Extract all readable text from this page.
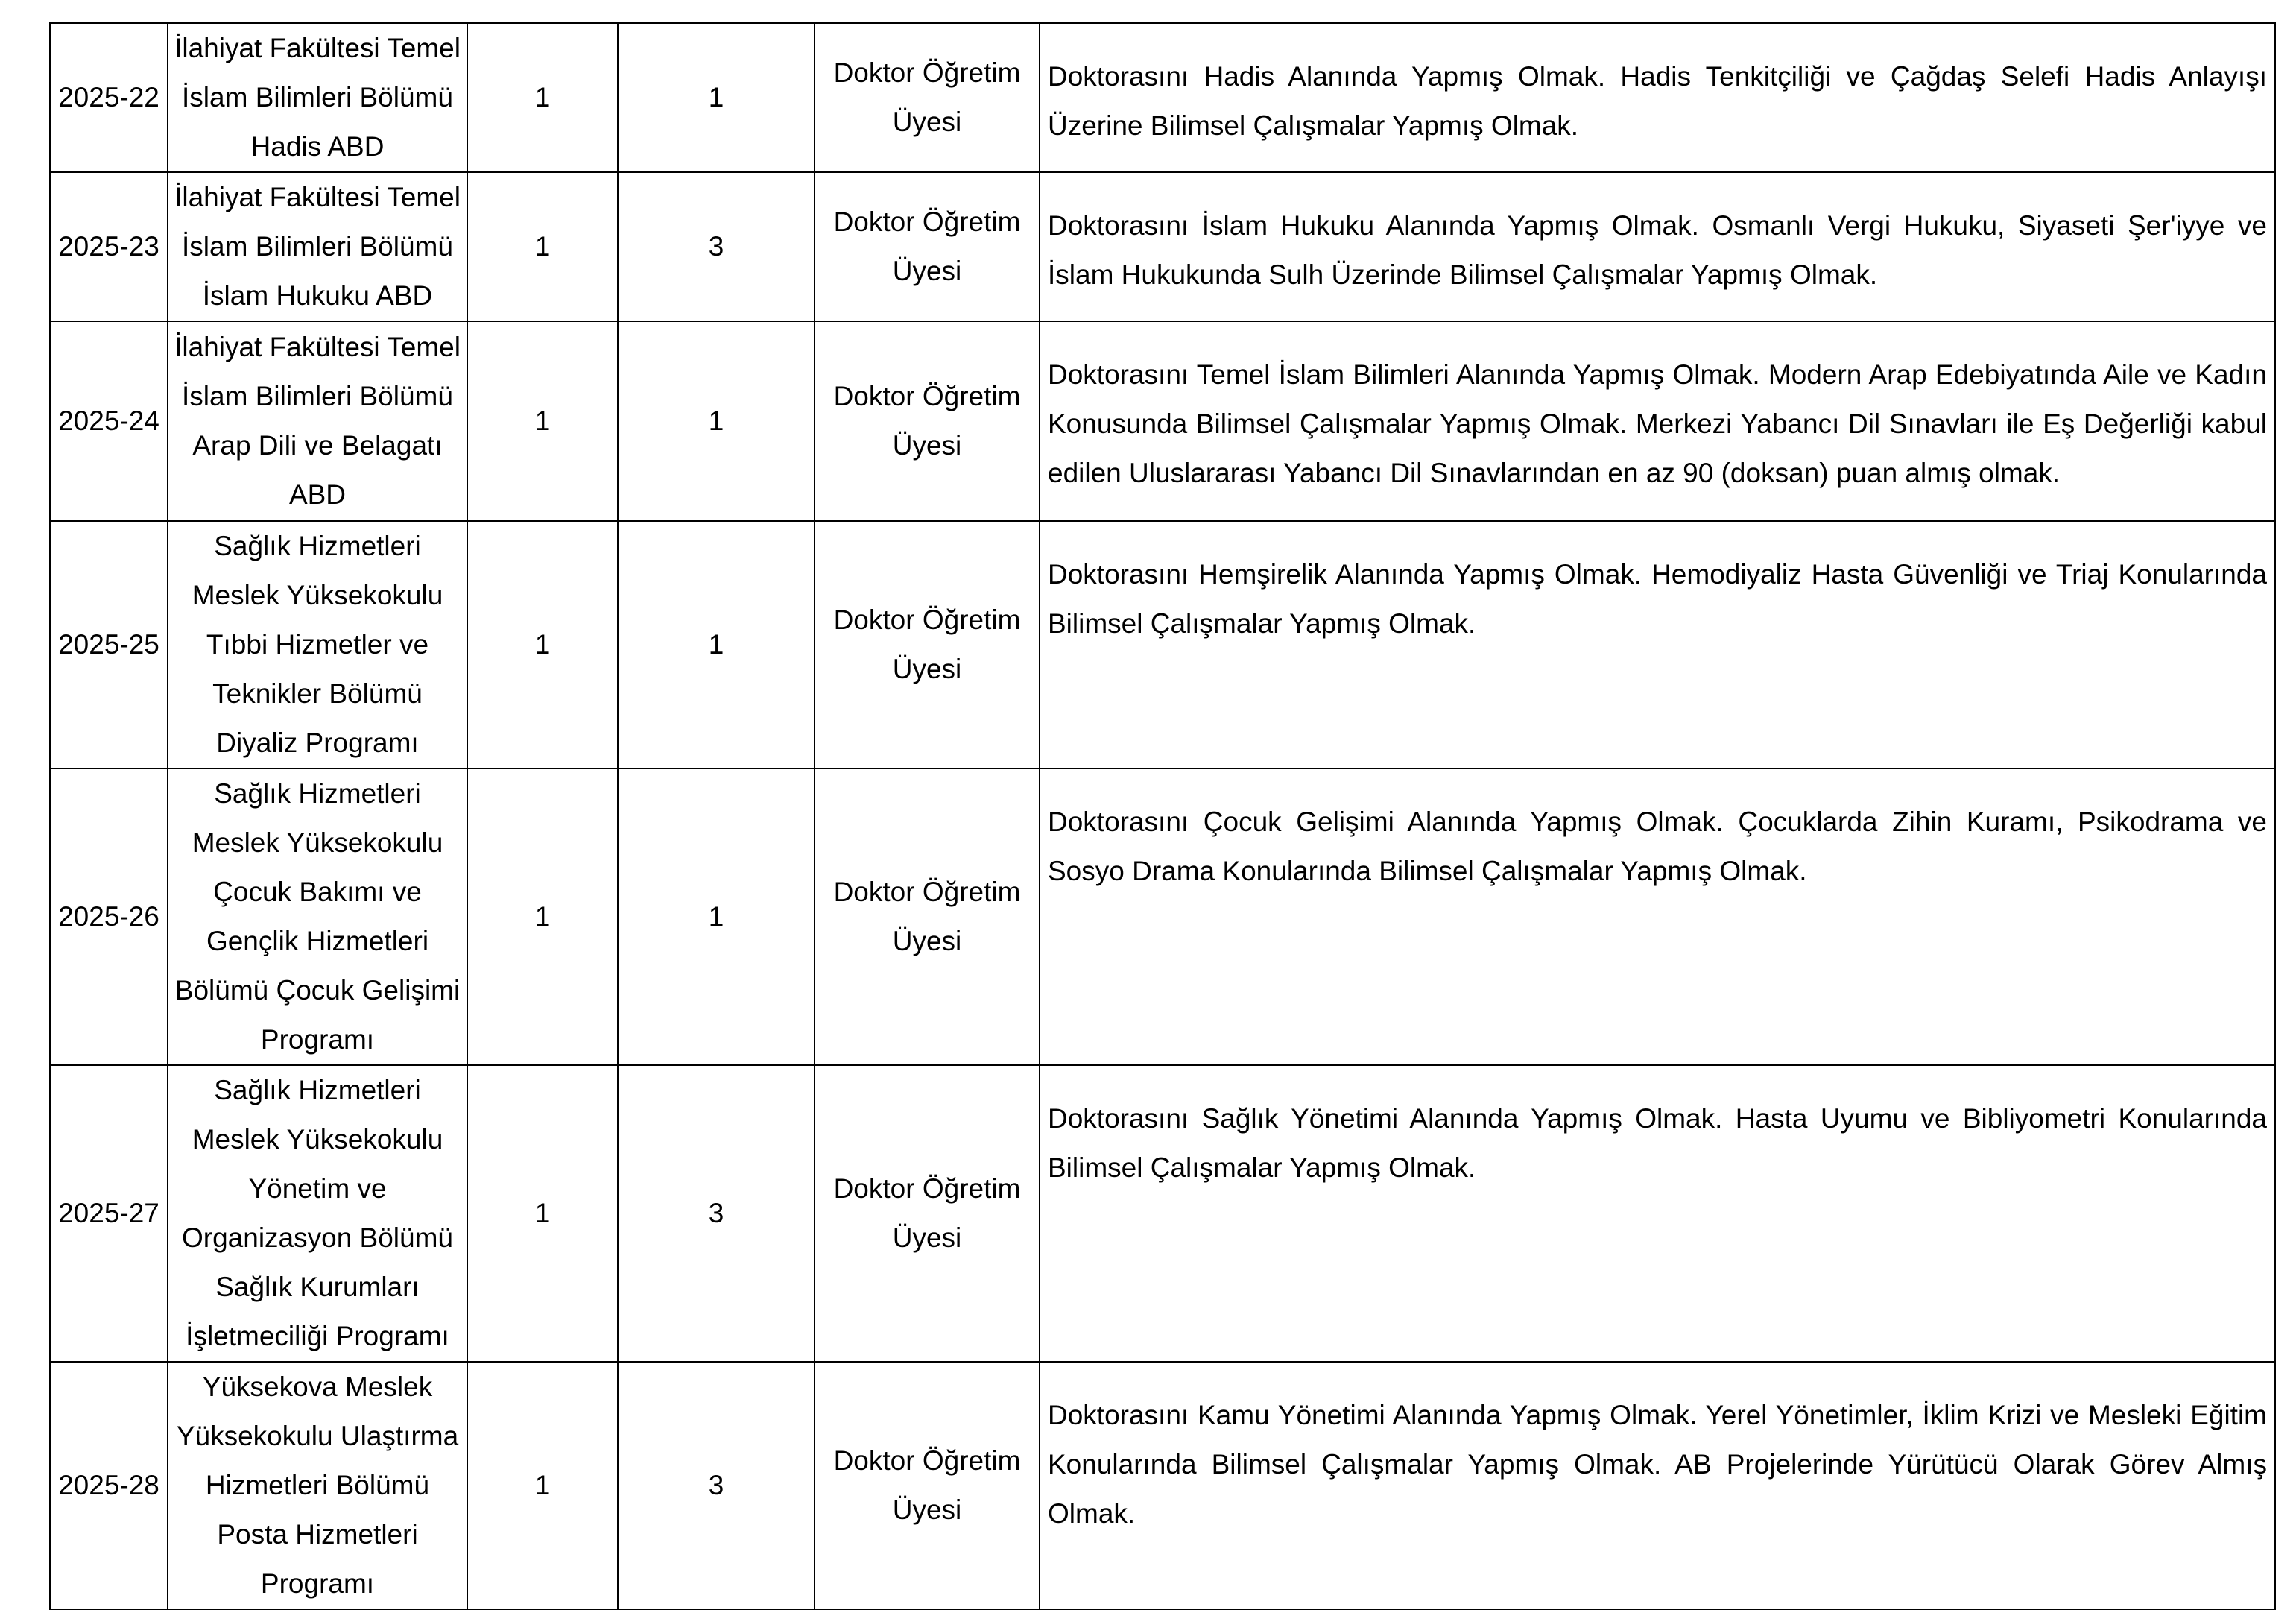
2025-22	İlahiyat Fakültesi Temel İslam Bilimleri Bölümü Hadis ABD	1	1	Doktor Öğretim Üyesi	Doktorasını Hadis Alanında Yapmış Olmak. Hadis Tenkitçiliği ve Çağdaş Selefi Hadis Anlayışı Üzerine Bilimsel Çalışmalar Yapmış Olmak.

2025-23	İlahiyat Fakültesi Temel İslam Bilimleri Bölümü İslam Hukuku ABD	1	3	Doktor Öğretim Üyesi	Doktorasını İslam Hukuku Alanında Yapmış Olmak. Osmanlı Vergi Hukuku, Siyaseti Şer'iyye ve İslam Hukukunda Sulh Üzerinde Bilimsel Çalışmalar Yapmış Olmak.

2025-24	İlahiyat Fakültesi Temel İslam Bilimleri Bölümü Arap Dili ve Belagatı ABD	1	1	Doktor Öğretim Üyesi	Doktorasını Temel İslam Bilimleri Alanında Yapmış Olmak. Modern Arap Edebiyatında Aile ve Kadın Konusunda Bilimsel Çalışmalar Yapmış Olmak. Merkezi Yabancı Dil Sınavları ile Eş Değerliği kabul edilen Uluslararası Yabancı Dil Sınavlarından en az 90 (doksan) puan almış olmak.

2025-25	Sağlık Hizmetleri Meslek Yüksekokulu Tıbbi Hizmetler ve Teknikler Bölümü Diyaliz Programı	1	1	Doktor Öğretim Üyesi	Doktorasını Hemşirelik Alanında Yapmış Olmak. Hemodiyaliz Hasta Güvenliği ve Triaj Konularında Bilimsel Çalışmalar Yapmış Olmak.

2025-26	Sağlık Hizmetleri Meslek Yüksekokulu Çocuk Bakımı ve Gençlik Hizmetleri Bölümü Çocuk Gelişimi Programı	1	1	Doktor Öğretim Üyesi	Doktorasını Çocuk Gelişimi Alanında Yapmış Olmak. Çocuklarda Zihin Kuramı, Psikodrama ve Sosyo Drama Konularında Bilimsel Çalışmalar Yapmış Olmak.

2025-27	Sağlık Hizmetleri Meslek Yüksekokulu Yönetim ve Organizasyon Bölümü Sağlık Kurumları İşletmeciliği Programı	1	3	Doktor Öğretim Üyesi	Doktorasını Sağlık Yönetimi Alanında Yapmış Olmak. Hasta Uyumu ve Bibliyometri Konularında Bilimsel Çalışmalar Yapmış Olmak.

2025-28	Yüksekova Meslek Yüksekokulu Ulaştırma Hizmetleri Bölümü Posta Hizmetleri Programı	1	3	Doktor Öğretim Üyesi	Doktorasını Kamu Yönetimi Alanında Yapmış Olmak. Yerel Yönetimler, İklim Krizi ve Mesleki Eğitim Konularında Bilimsel Çalışmalar Yapmış Olmak. AB Projelerinde Yürütücü Olarak Görev Almış Olmak.
